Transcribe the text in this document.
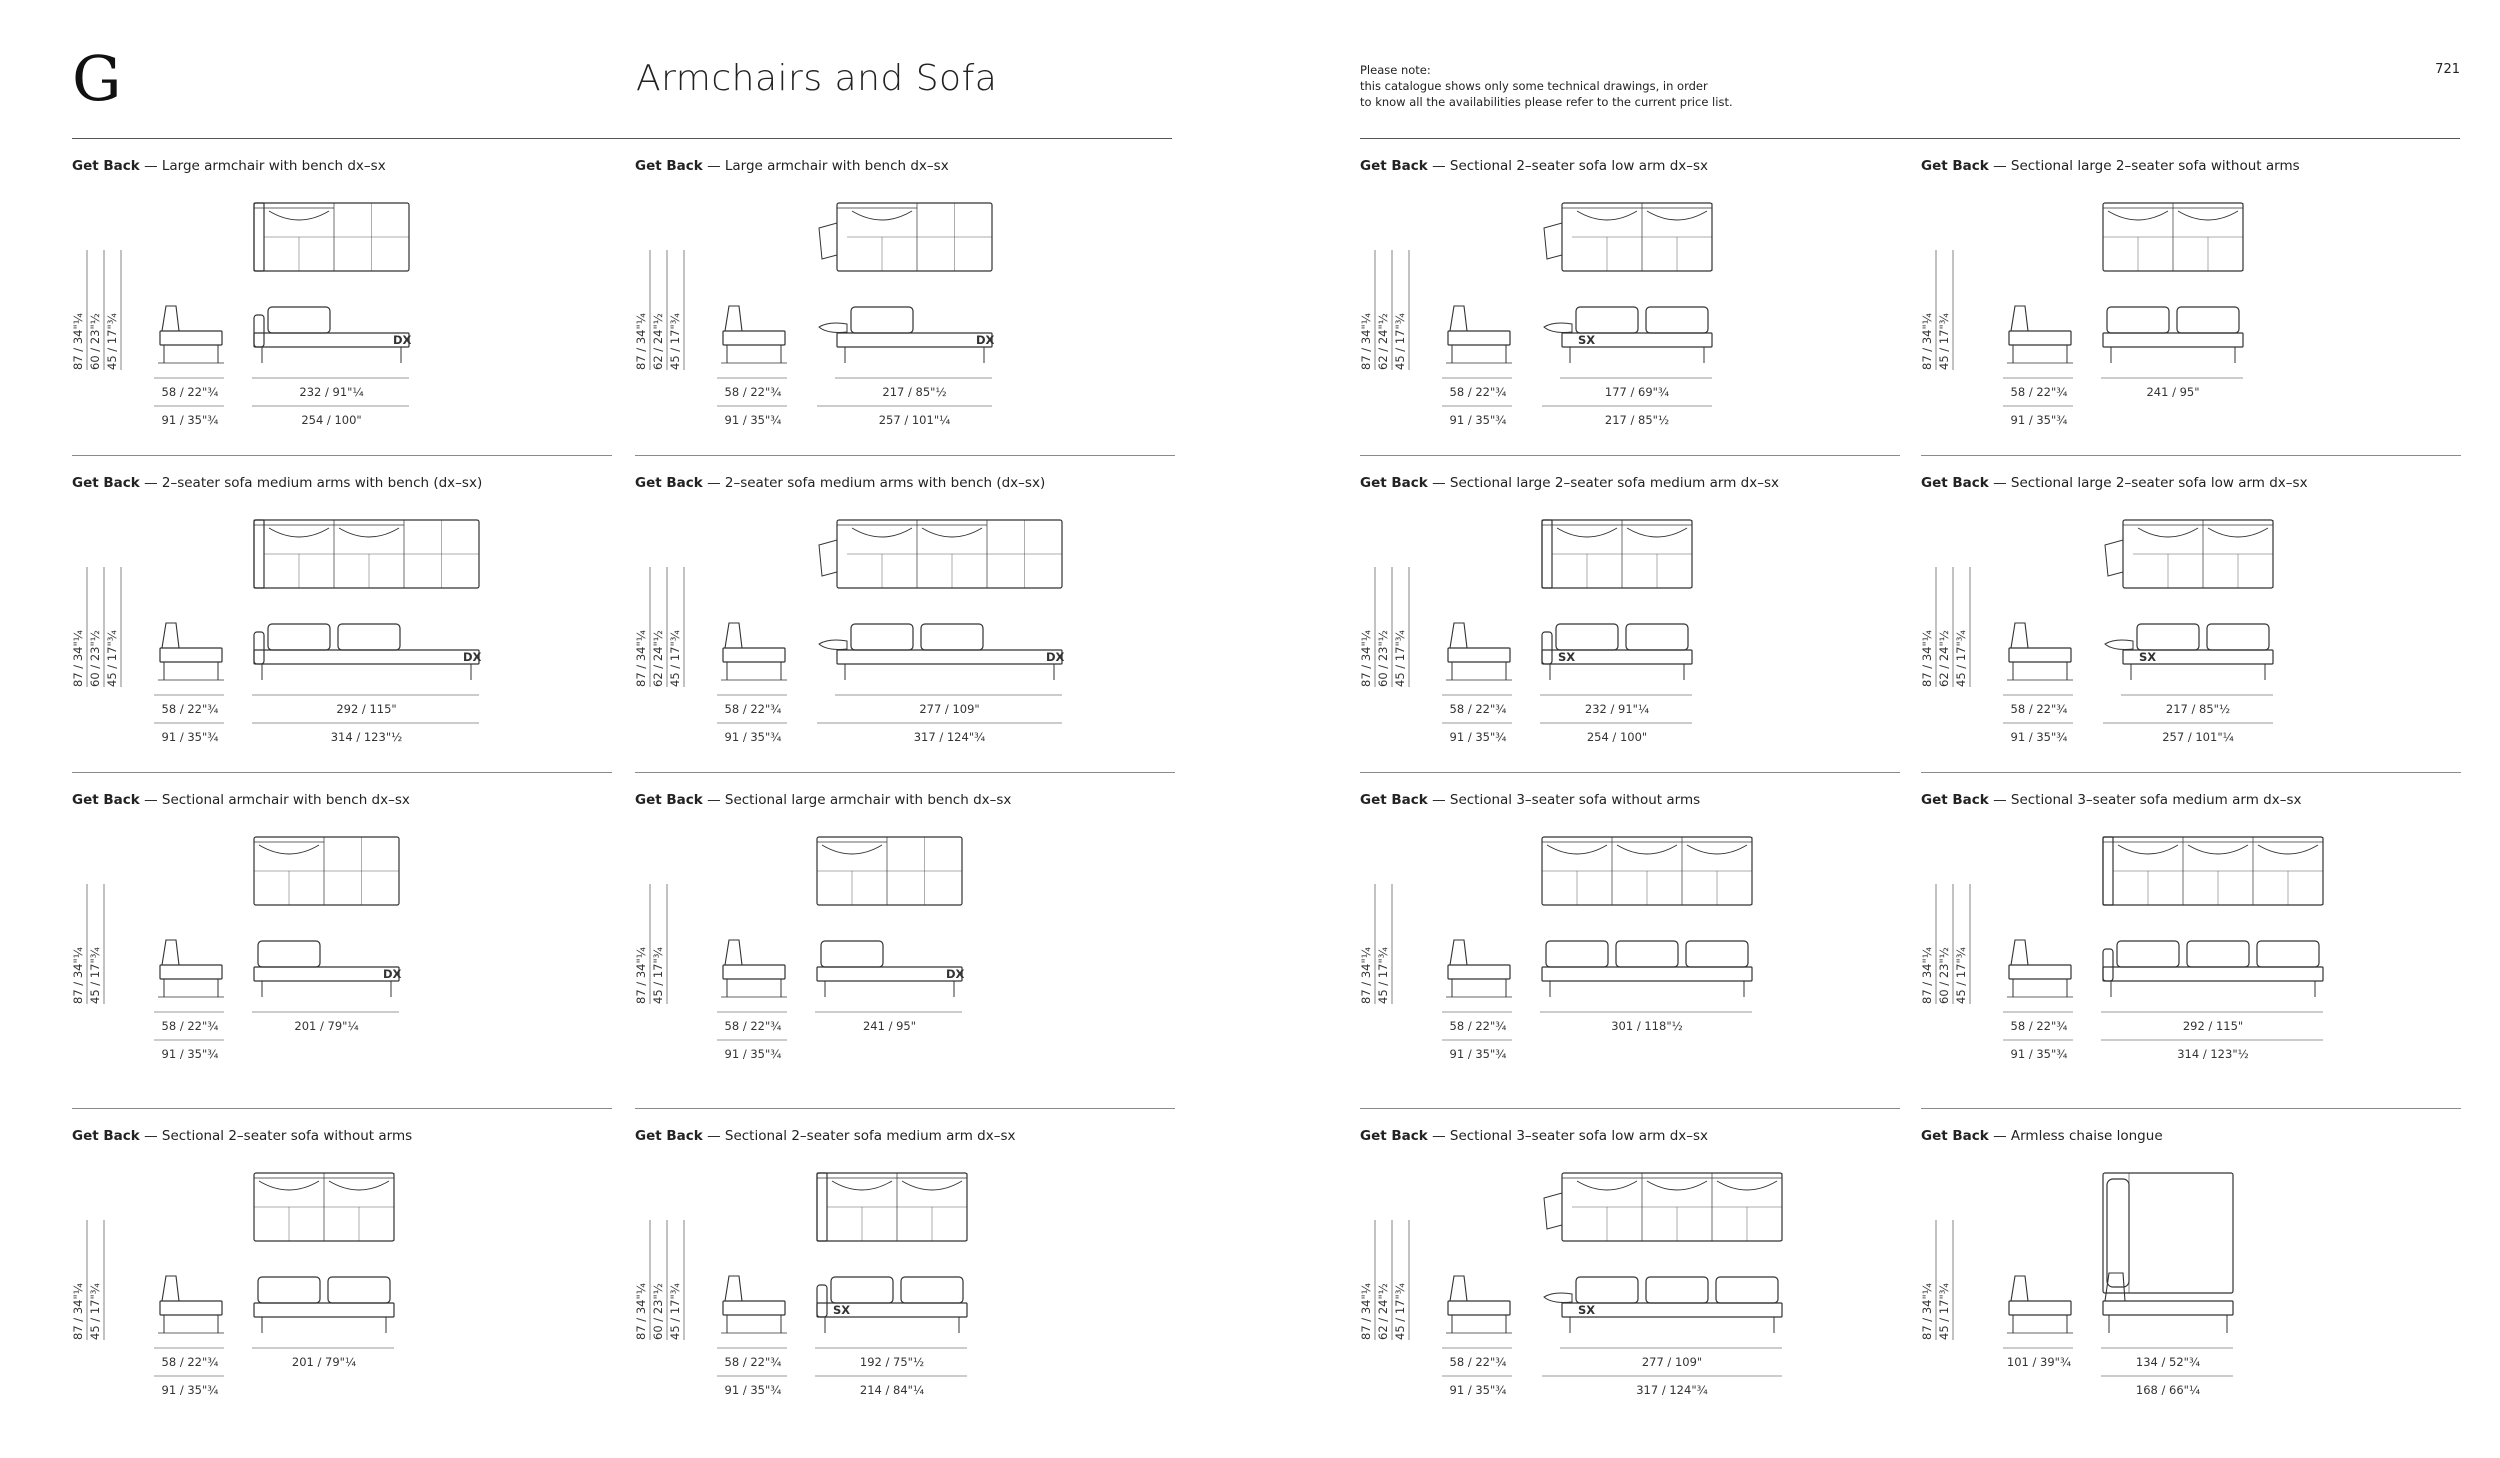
G	Armchairs and Sofa	Please note:
this catalogue shows only some technical drawings, in order
to know all the availabilities please refer to the current price list.
721
Get Back — Large armchair with bench dx–sx
DX
87 / 34"¼ 60 / 23"½ 45 / 17"¾
58 / 22"¾
91 / 35"¾
232 / 91"¼
254 / 100"
Get Back — Large armchair with bench dx–sx
DX
87 / 34"¼ 62 / 24"½ 45 / 17"¾
58 / 22"¾
91 / 35"¾
217 / 85"½
257 / 101"¼
Get Back — Sectional 2–seater sofa low arm dx–sx
SX
87 / 34"¼ 62 / 24"½ 45 / 17"¾
58 / 22"¾
91 / 35"¾
177 / 69"¾
217 / 85"½
Get Back — Sectional large 2–seater sofa without arms
87 / 34"¼ 45 / 17"¾
58 / 22"¾
91 / 35"¾
241 / 95"
Get Back — 2–seater sofa medium arms with bench (dx–sx)
DX
87 / 34"¼ 60 / 23"½ 45 / 17"¾
58 / 22"¾
91 / 35"¾
292 / 115"
314 / 123"½
Get Back — 2–seater sofa medium arms with bench (dx–sx)
DX
87 / 34"¼ 62 / 24"½ 45 / 17"¾
58 / 22"¾
91 / 35"¾
277 / 109"
317 / 124"¾
Get Back — Sectional large 2–seater sofa medium arm dx–sx
SX
87 / 34"¼ 60 / 23"½ 45 / 17"¾
58 / 22"¾
91 / 35"¾
232 / 91"¼
254 / 100"
Get Back — Sectional large 2–seater sofa low arm dx–sx
SX
87 / 34"¼ 62 / 24"½ 45 / 17"¾
58 / 22"¾
91 / 35"¾
217 / 85"½
257 / 101"¼
Get Back — Sectional armchair with bench dx–sx
DX
87 / 34"¼ 45 / 17"¾
58 / 22"¾
91 / 35"¾
201 / 79"¼
Get Back — Sectional large armchair with bench dx–sx
DX
87 / 34"¼ 45 / 17"¾
58 / 22"¾
91 / 35"¾
241 / 95"
Get Back — Sectional 3–seater sofa without arms
87 / 34"¼ 45 / 17"¾
58 / 22"¾
91 / 35"¾
301 / 118"½
Get Back — Sectional 3–seater sofa medium arm dx–sx
87 / 34"¼ 60 / 23"½ 45 / 17"¾
58 / 22"¾
91 / 35"¾
292 / 115"
314 / 123"½
Get Back — Sectional 2–seater sofa without arms
87 / 34"¼ 45 / 17"¾
58 / 22"¾
91 / 35"¾
201 / 79"¼
Get Back — Sectional 2–seater sofa medium arm dx–sx
SX
87 / 34"¼ 60 / 23"½ 45 / 17"¾
58 / 22"¾
91 / 35"¾
192 / 75"½
214 / 84"¼
Get Back — Sectional 3–seater sofa low arm dx–sx
SX
87 / 34"¼ 62 / 24"½ 45 / 17"¾
58 / 22"¾
91 / 35"¾
277 / 109"
317 / 124"¾
Get Back — Armless chaise longue
87 / 34"¼ 45 / 17"¾
101 / 39"¾	134 / 52"¾
168 / 66"¼
